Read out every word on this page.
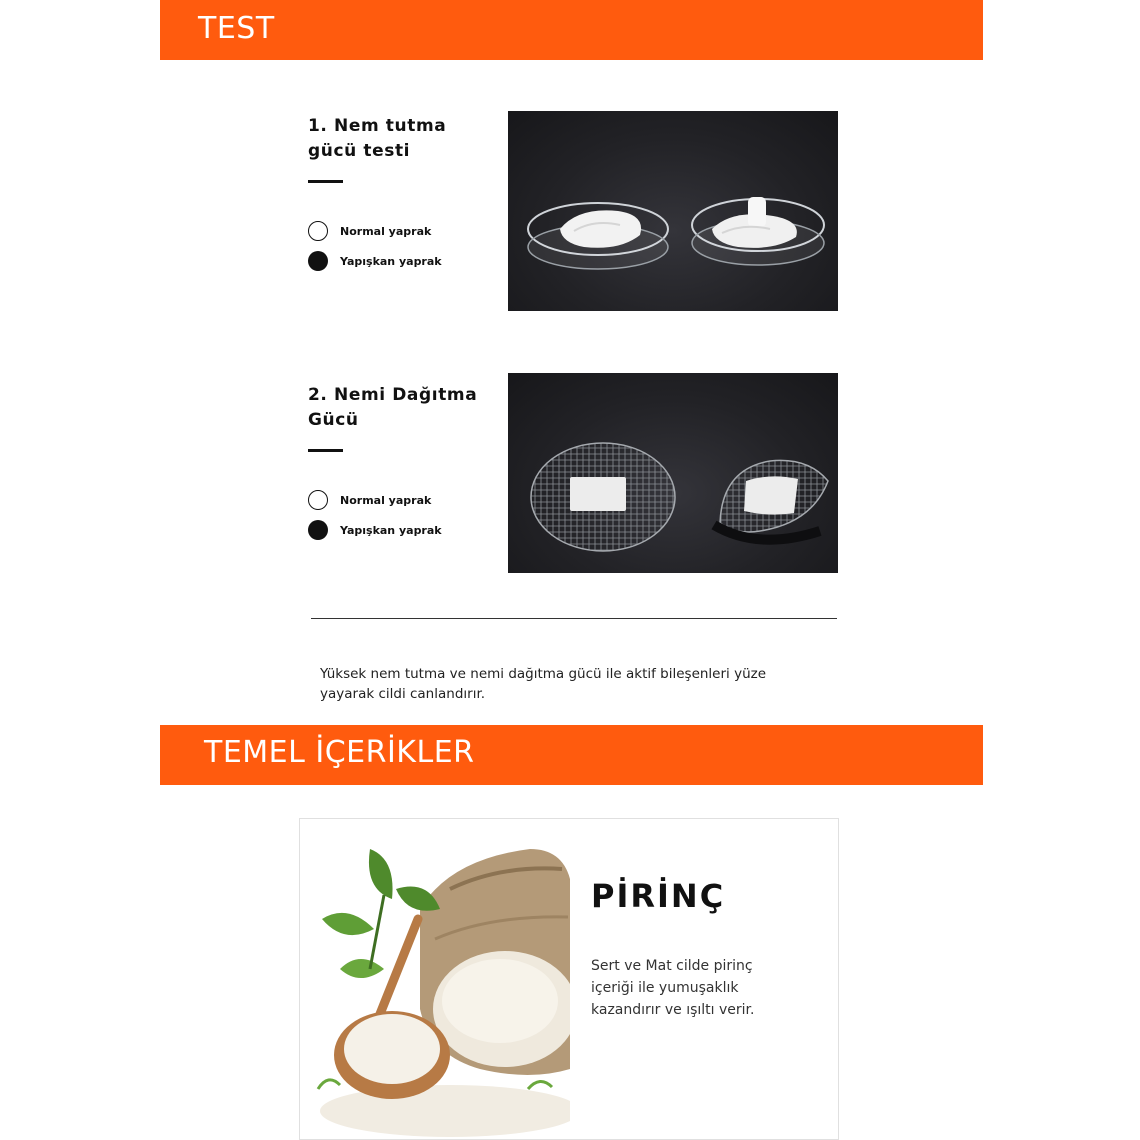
TEST

1. Nem tutma
gücü testi

Normal yaprak
Yapışkan yaprak

2. Nemi Dağıtma
Gücü

Normal yaprak
Yapışkan yaprak

Yüksek nem tutma ve nemi dağıtma gücü ile aktif bileşenleri yüze
yayarak cildi canlandırır.

TEMEL İÇERİKLER
PİRİNÇ

Sert ve Mat cilde pirinç
içeriği ile yumuşaklık
kazandırır ve ışıltı verir.
